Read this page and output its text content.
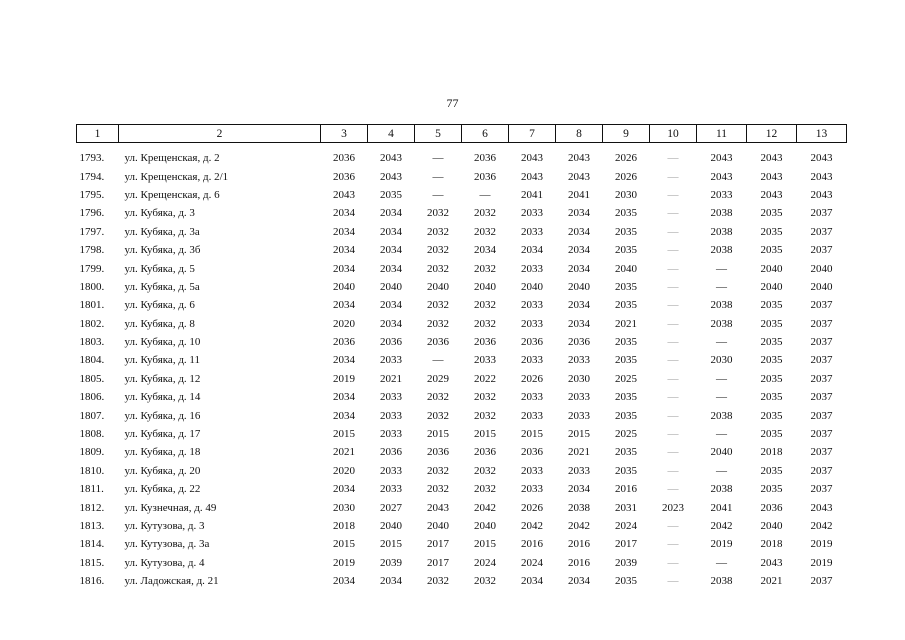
77
1	2	3	4	5	6	7	8	9	10	11	12	13
1793.	ул. Крещенская, д. 2	2036	2043	—	2036	2043	2043	2026	—	2043	2043	2043
1794.	ул. Крещенская, д. 2/1	2036	2043	—	2036	2043	2043	2026	—	2043	2043	2043
1795.	ул. Крещенская, д. 6	2043	2035	—	—	2041	2041	2030	—	2033	2043	2043
1796.	ул. Кубяка, д. 3	2034	2034	2032	2032	2033	2034	2035	—	2038	2035	2037
1797.	ул. Кубяка, д. 3а	2034	2034	2032	2032	2033	2034	2035	—	2038	2035	2037
1798.	ул. Кубяка, д. 3б	2034	2034	2032	2034	2034	2034	2035	—	2038	2035	2037
1799.	ул. Кубяка, д. 5	2034	2034	2032	2032	2033	2034	2040	—	—	2040	2040
1800.	ул. Кубяка, д. 5а	2040	2040	2040	2040	2040	2040	2035	—	—	2040	2040
1801.	ул. Кубяка, д. 6	2034	2034	2032	2032	2033	2034	2035	—	2038	2035	2037
1802.	ул. Кубяка, д. 8	2020	2034	2032	2032	2033	2034	2021	—	2038	2035	2037
1803.	ул. Кубяка, д. 10	2036	2036	2036	2036	2036	2036	2035	—	—	2035	2037
1804.	ул. Кубяка, д. 11	2034	2033	—	2033	2033	2033	2035	—	2030	2035	2037
1805.	ул. Кубяка, д. 12	2019	2021	2029	2022	2026	2030	2025	—	—	2035	2037
1806.	ул. Кубяка, д. 14	2034	2033	2032	2032	2033	2033	2035	—	—	2035	2037
1807.	ул. Кубяка, д. 16	2034	2033	2032	2032	2033	2033	2035	—	2038	2035	2037
1808.	ул. Кубяка, д. 17	2015	2033	2015	2015	2015	2015	2025	—	—	2035	2037
1809.	ул. Кубяка, д. 18	2021	2036	2036	2036	2036	2021	2035	—	2040	2018	2037
1810.	ул. Кубяка, д. 20	2020	2033	2032	2032	2033	2033	2035	—	—	2035	2037
1811.	ул. Кубяка, д. 22	2034	2033	2032	2032	2033	2034	2016	—	2038	2035	2037
1812.	ул. Кузнечная, д. 49	2030	2027	2043	2042	2026	2038	2031	2023	2041	2036	2043
1813.	ул. Кутузова, д. 3	2018	2040	2040	2040	2042	2042	2024	—	2042	2040	2042
1814.	ул. Кутузова, д. 3а	2015	2015	2017	2015	2016	2016	2017	—	2019	2018	2019
1815.	ул. Кутузова, д. 4	2019	2039	2017	2024	2024	2016	2039	—	—	2043	2019
1816.	ул. Ладожская, д. 21	2034	2034	2032	2032	2034	2034	2035	—	2038	2021	2037
